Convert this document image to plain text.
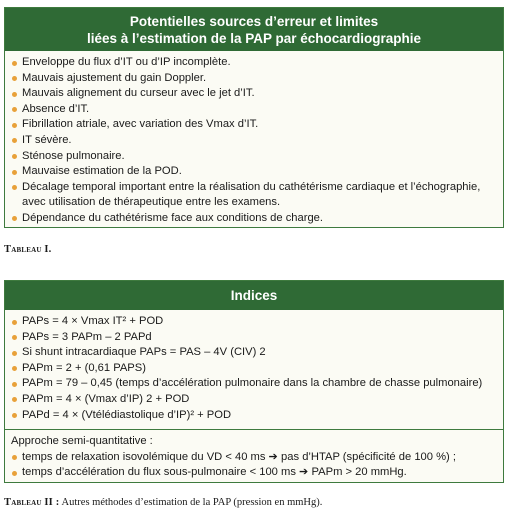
Potentielles sources d’erreur et limites
liées à l’estimation de la PAP par échocardiographie
Enveloppe du flux d’IT ou d’IP incomplète.
Mauvais ajustement du gain Doppler.
Mauvais alignement du curseur avec le jet d’IT.
Absence d’IT.
Fibrillation atriale, avec variation des Vmax d’IT.
IT sévère.
Sténose pulmonaire.
Mauvaise estimation de la POD.
Décalage temporal important entre la réalisation du cathétérisme cardiaque et l’échographie, avec utilisation de thérapeutique entre les examens.
Dépendance du cathétérisme face aux conditions de charge.
Tableau I.
Indices
PAPs = 4 × Vmax IT² + POD
PAPs = 3 PAPm – 2 PAPd
Si shunt intracardiaque PAPs = PAS – 4V (CIV) 2
PAPm = 2 + (0,61 PAPS)
PAPm = 79 – 0,45 (temps d’accélération pulmonaire dans la chambre de chasse pulmonaire)
PAPm = 4 × (Vmax d’IP) 2 + POD
PAPd = 4 × (Vtélédiastolique d’IP)² + POD
Approche semi-quantitative :
temps de relaxation isovolémique du VD < 40 ms ➔ pas d’HTAP (spécificité de 100 %) ;
temps d’accélération du flux sous-pulmonaire < 100 ms ➔ PAPm > 20 mmHg.
Tableau II : Autres méthodes d’estimation de la PAP (pression en mmHg).
